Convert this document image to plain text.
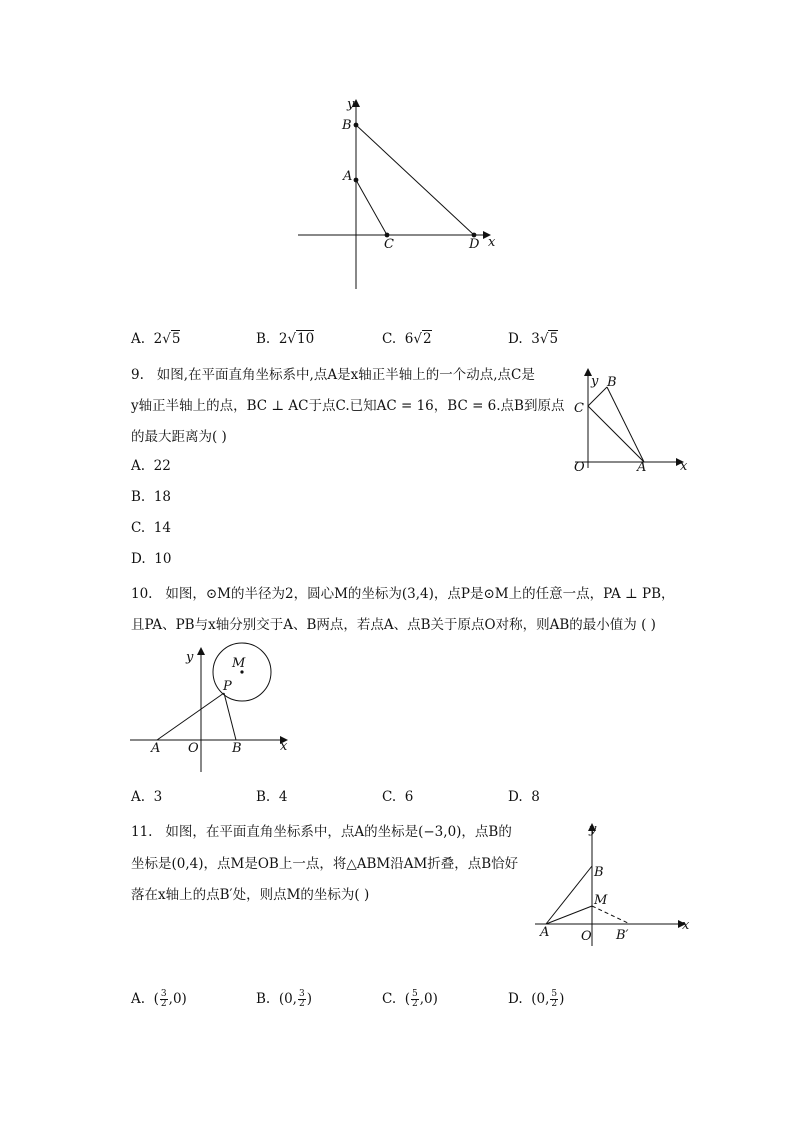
y
B
A
C	D x
A. 2√5	B. 2√10	C. 6√2	D. 3√5
9. 如图,在平面直角坐标系中,点A是x轴正半轴上的一个动点,点C是
y轴正半轴上的点，BC ⊥ AC于点C.已知AC = 16，BC = 6.点B到原点
的最大距离为( )
A. 22
B. 18
C. 14
D. 10
y B
C
O	A	x
10. 如图，⊙M的半径为2，圆心M的坐标为(3,4)，点P是⊙M上的任意一点，PA ⊥ PB，
且PA、PB与x轴分别交于A、B两点，若点A、点B关于原点O对称，则AB的最小值为 ( )
y	M
P
A O	B	x
A. 3	B. 4	C. 6	D. 8
11. 如图，在平面直角坐标系中，点A的坐标是(−3,0)，点B的
坐标是(0,4)，点M是OB上一点，将△ABM沿AM折叠，点B恰好
落在x轴上的点B′处，则点M的坐标为( )
y
B
M
A O B′
x
A. ( $\frac{3}{2} ,0$)	B. (0, $\frac{3}{2}$ )	C. ( $\frac{5}{2} ,0$)	D. (0, $\frac{5}{2}$ )
